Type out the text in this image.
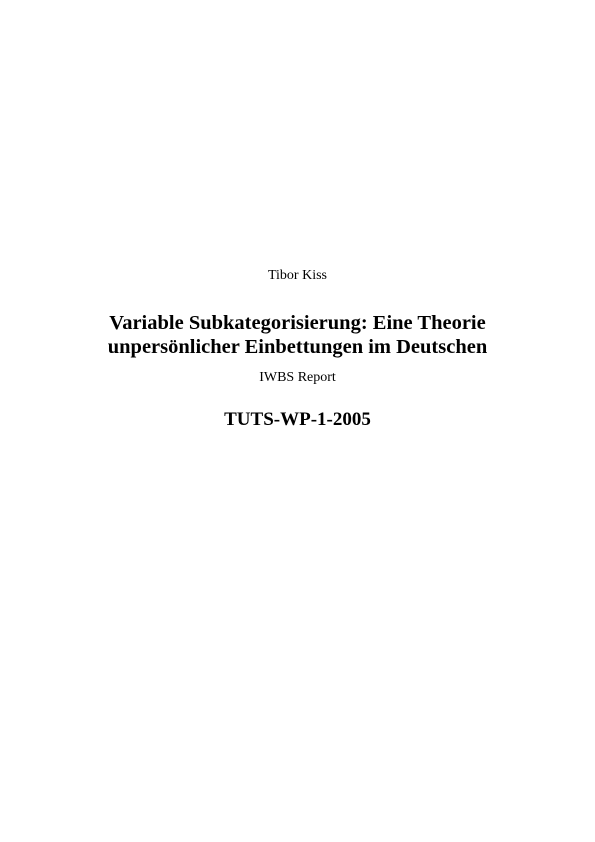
Tibor Kiss
Variable Subkategorisierung: Eine Theorie
unpersönlicher Einbettungen im Deutschen
IWBS Report
TUTS-WP-1-2005
